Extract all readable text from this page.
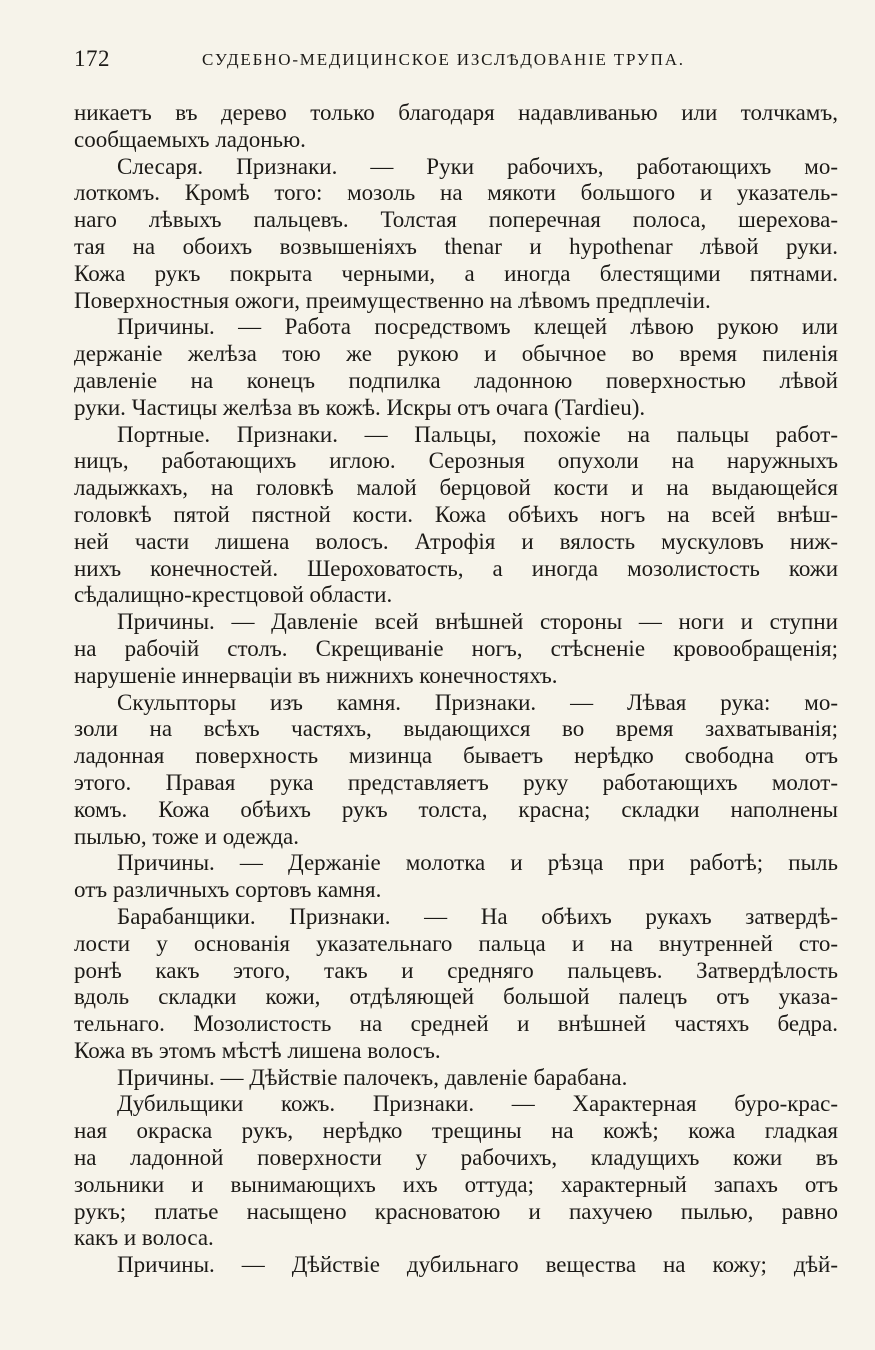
172	СУДЕБНО-МЕДИЦИНСКОЕ ИЗСЛѢДОВАНІЕ ТРУПА.
никаетъ въ дерево только благодаря надавливанью или толчкамъ,
сообщаемыхъ ладонью.
Слесаря. Признаки. — Руки рабочихъ, работающихъ мо-
лоткомъ. Кромѣ того: мозоль на мякоти большого и указатель-
наго лѣвыхъ пальцевъ. Толстая поперечная полоса, шерехова-
тая на обоихъ возвышеніяхъ thenar и hypothenar лѣвой руки.
Кожа рукъ покрыта черными, а иногда блестящими пятнами.
Поверхностныя ожоги, преимущественно на лѣвомъ предплечіи.
Причины. — Работа посредствомъ клещей лѣвою рукою или
держаніе желѣза тою же рукою и обычное во время пиленія
давленіе на конецъ подпилка ладонною поверхностью лѣвой
руки. Частицы желѣза въ кожѣ. Искры отъ очага (Tardieu).
Портные. Признаки. — Пальцы, похожіе на пальцы работ-
ницъ, работающихъ иглою. Серозныя опухоли на наружныхъ
ладыжкахъ, на головкѣ малой берцовой кости и на выдающейся
головкѣ пятой пястной кости. Кожа обѣихъ ногъ на всей внѣш-
ней части лишена волосъ. Атрофія и вялость мускуловъ ниж-
нихъ конечностей. Шероховатость, а иногда мозолистость кожи
сѣдалищно-крестцовой области.
Причины. — Давленіе всей внѣшней стороны — ноги и ступни
на рабочій столъ. Скрещиваніе ногъ, стѣсненіе кровообращенія;
нарушеніе иннерваціи въ нижнихъ конечностяхъ.
Скульпторы изъ камня. Признаки. — Лѣвая рука: мо-
золи на всѣхъ частяхъ, выдающихся во время захватыванія;
ладонная поверхность мизинца бываетъ нерѣдко свободна отъ
этого. Правая рука представляетъ руку работающихъ молот-
комъ. Кожа обѣихъ рукъ толста, красна; складки наполнены
пылью, тоже и одежда.
Причины. — Держаніе молотка и рѣзца при работѣ; пыль
отъ различныхъ сортовъ камня.
Барабанщики. Признаки. — На обѣихъ рукахъ затвердѣ-
лости у основанія указательнаго пальца и на внутренней сто-
ронѣ какъ этого, такъ и средняго пальцевъ. Затвердѣлость
вдоль складки кожи, отдѣляющей большой палецъ отъ указа-
тельнаго. Мозолистость на средней и внѣшней частяхъ бедра.
Кожа въ этомъ мѣстѣ лишена волосъ.
Причины. — Дѣйствіе палочекъ, давленіе барабана.
Дубильщики кожъ. Признаки. — Характерная буро-крас-
ная окраска рукъ, нерѣдко трещины на кожѣ; кожа гладкая
на ладонной поверхности у рабочихъ, кладущихъ кожи въ
зольники и вынимающихъ ихъ оттуда; характерный запахъ отъ
рукъ; платье насыщено красноватою и пахучею пылью, равно
какъ и волоса.
Причины. — Дѣйствіе дубильнаго вещества на кожу; дѣй-
